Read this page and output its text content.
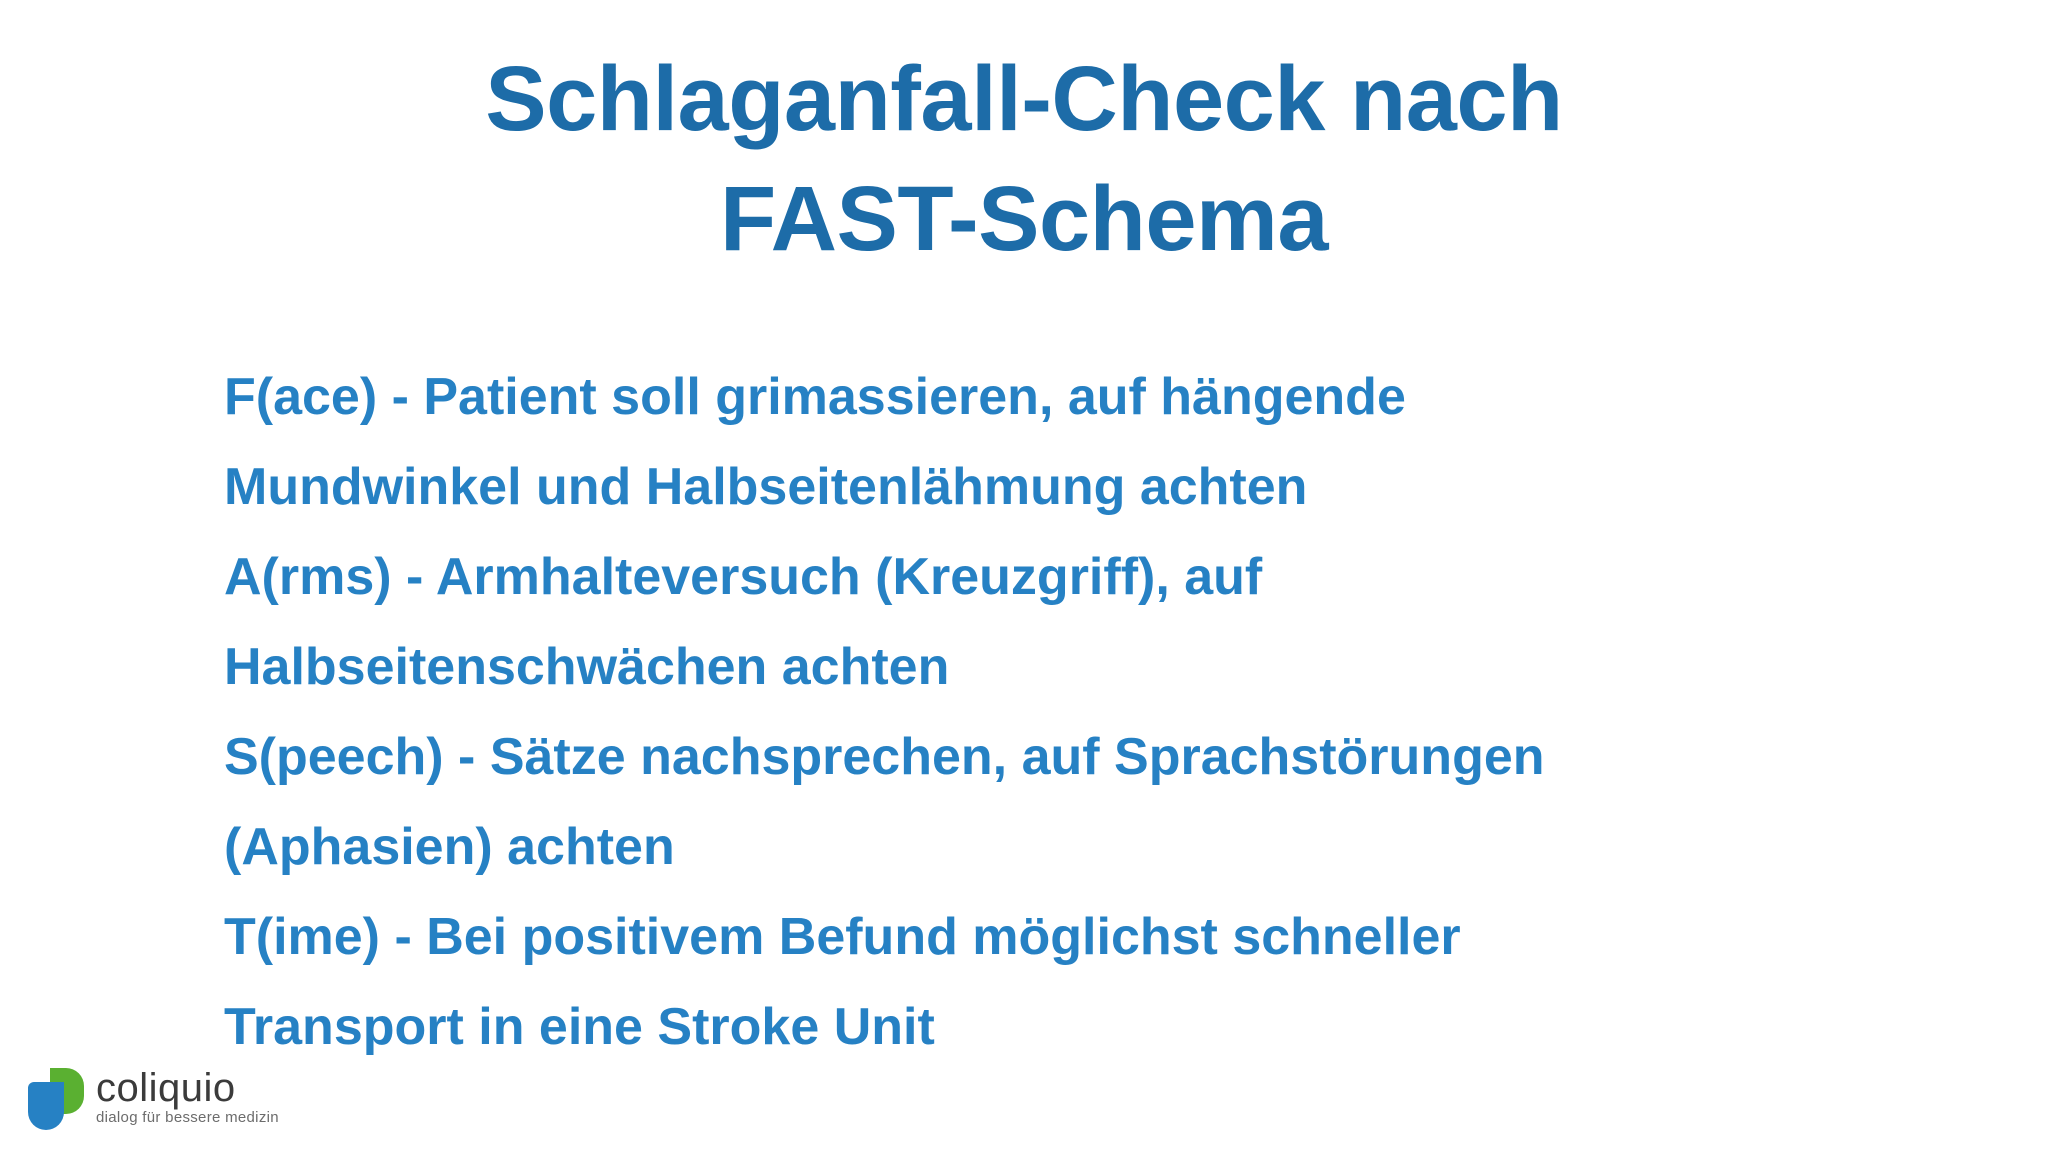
Schlaganfall-Check nach
FAST-Schema
F(ace) - Patient soll grimassieren, auf hängende
Mundwinkel und Halbseitenlähmung achten
A(rms) - Armhalteversuch (Kreuzgriff), auf
Halbseitenschwächen achten
S(peech) - Sätze nachsprechen, auf Sprachstörungen
(Aphasien) achten
T(ime) - Bei positivem Befund möglichst schneller
Transport in eine Stroke Unit
coliquio
dialog für bessere medizin
